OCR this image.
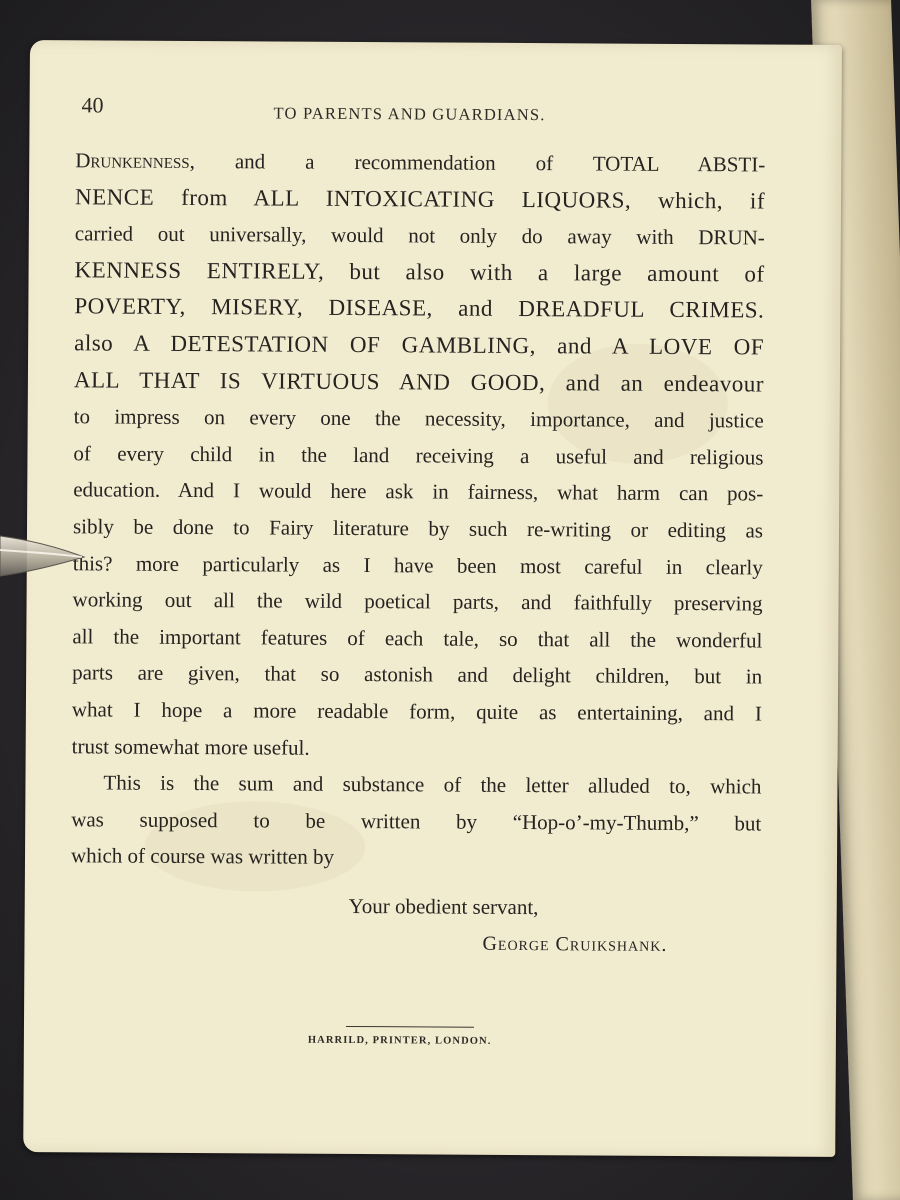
40	TO PARENTS AND GUARDIANS.
Drunkenness, and a recommendation of TOTAL ABSTI-
NENCE from ALL INTOXICATING LIQUORS, which, if
carried out universally, would not only do away with DRUN-
KENNESS ENTIRELY, but also with a large amount of
POVERTY, MISERY, DISEASE, and DREADFUL CRIMES.
also A DETESTATION OF GAMBLING, and A LOVE OF
ALL THAT IS VIRTUOUS AND GOOD, and an endeavour
to impress on every one the necessity, importance, and justice
of every child in the land receiving a useful and religious
education. And I would here ask in fairness, what harm can pos-
sibly be done to Fairy literature by such re-writing or editing as
this? more particularly as I have been most careful in clearly
working out all the wild poetical parts, and faithfully preserving
all the important features of each tale, so that all the wonderful
parts are given, that so astonish and delight children, but in
what I hope a more readable form, quite as entertaining, and I
trust somewhat more useful.
This is the sum and substance of the letter alluded to, which
was supposed to be written by “Hop-o’-my-Thumb,” but
which of course was written by
Your obedient servant,
George Cruikshank.
HARRILD, PRINTER, LONDON.
